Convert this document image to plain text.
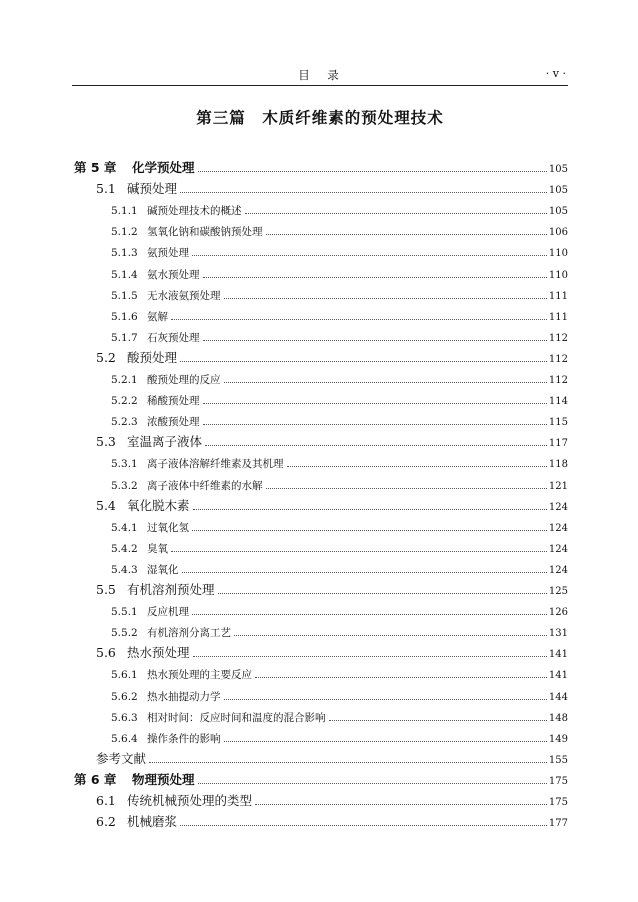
目　录	· v ·
第三篇　木质纤维素的预处理技术
第 5 章 化学预处理	105
5.1 碱预处理	105
5.1.1 碱预处理技术的概述	105
5.1.2 氢氧化钠和碳酸钠预处理	106
5.1.3 氨预处理	110
5.1.4 氨水预处理	110
5.1.5 无水液氨预处理	111
5.1.6 氨解	111
5.1.7 石灰预处理	112
5.2 酸预处理	112
5.2.1 酸预处理的反应	112
5.2.2 稀酸预处理	114
5.2.3 浓酸预处理	115
5.3 室温离子液体	117
5.3.1 离子液体溶解纤维素及其机理	118
5.3.2 离子液体中纤维素的水解	121
5.4 氧化脱木素	124
5.4.1 过氧化氢	124
5.4.2 臭氧	124
5.4.3 湿氧化	124
5.5 有机溶剂预处理	125
5.5.1 反应机理	126
5.5.2 有机溶剂分离工艺	131
5.6 热水预处理	141
5.6.1 热水预处理的主要反应	141
5.6.2 热水抽提动力学	144
5.6.3 相对时间：反应时间和温度的混合影响	148
5.6.4 操作条件的影响	149
参考文献	155
第 6 章 物理预处理	175
6.1 传统机械预处理的类型	175
6.2 机械磨浆	177
